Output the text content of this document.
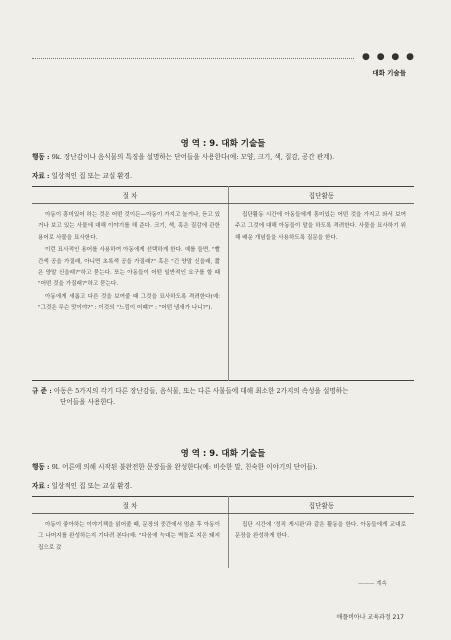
● ● ● ●
대화 기술들
영 역 : 9. 대화 기술들
행동 : 9k. 장난감이나 음식물의 특징을 설명하는 단어들을 사용한다(예: 모양, 크기, 색, 질감, 공간 관계).
자료 : 일상적인 집 또는 교실 환경.
절 차	집단활동

아동이 흥미있어 하는 것은 어떤 것이든—아동이 가지고 놀거나, 듣고 있거나 보고 있는 사물에 대해 이야기를 해 준다. 크기, 색, 혹은 질감에 관한 용어로 사물을 묘사한다.

이런 묘사적인 용어를 사용하여 아동에게 선택하게 한다. 예를 들면, "빨간색 공을 가질래, 아니면 초록색 공을 가질래?" 혹은 "긴 양말 신을래, 짧은 양말 신을래?"하고 묻는다. 또는 아동들이 어떤 일반적인 요구를 할 때 "어떤 것을 가질래?"하고 묻는다.

아동에게 새롭고 다른 것을 보여줄 때 그것을 묘사하도록 격려한다(예: "그것은 무슨 맛이야?" : 이것의 "느낌이 어때?" : "어떤 냄새가 나니?").	집단활동 시간에 아동들에게 흥미있는 어떤 것을 가지고 와서 보여주고 그것에 대해 아동들이 말을 하도록 격려한다. 사물을 묘사하기 위해 배운 개념들을 사용하도록 질문을 한다.

규 준 : 아동은 5가지의 각기 다른 장난감들, 음식물, 또는 다른 사물들에 대해 최소한 2가지의 속성을 설명하는
단어들을 사용한다.
영 역 : 9. 대화 기술들
행동 : 9l. 어른에 의해 시작된 불완전한 문장들을 완성한다(예: 비슷한 말, 친숙한 이야기의 단어들).
자료 : 일상적인 집 또는 교실 환경.
절 차	집단활동

아동이 좋아하는 이야기책을 읽어줄 때, 문장의 중간에서 멈춘 후 아동이 그 나머지를 완성하는지 기다려 본다(예: "다음에 늑대는 벽돌로 지은 돼지집으로 갔	집단 시간에 '정직 게시판'과 같은 활동을 한다. 아동들에게 교대로 문장을 완성하게 한다.

——— 계속
애플비아나 교육과정 217
